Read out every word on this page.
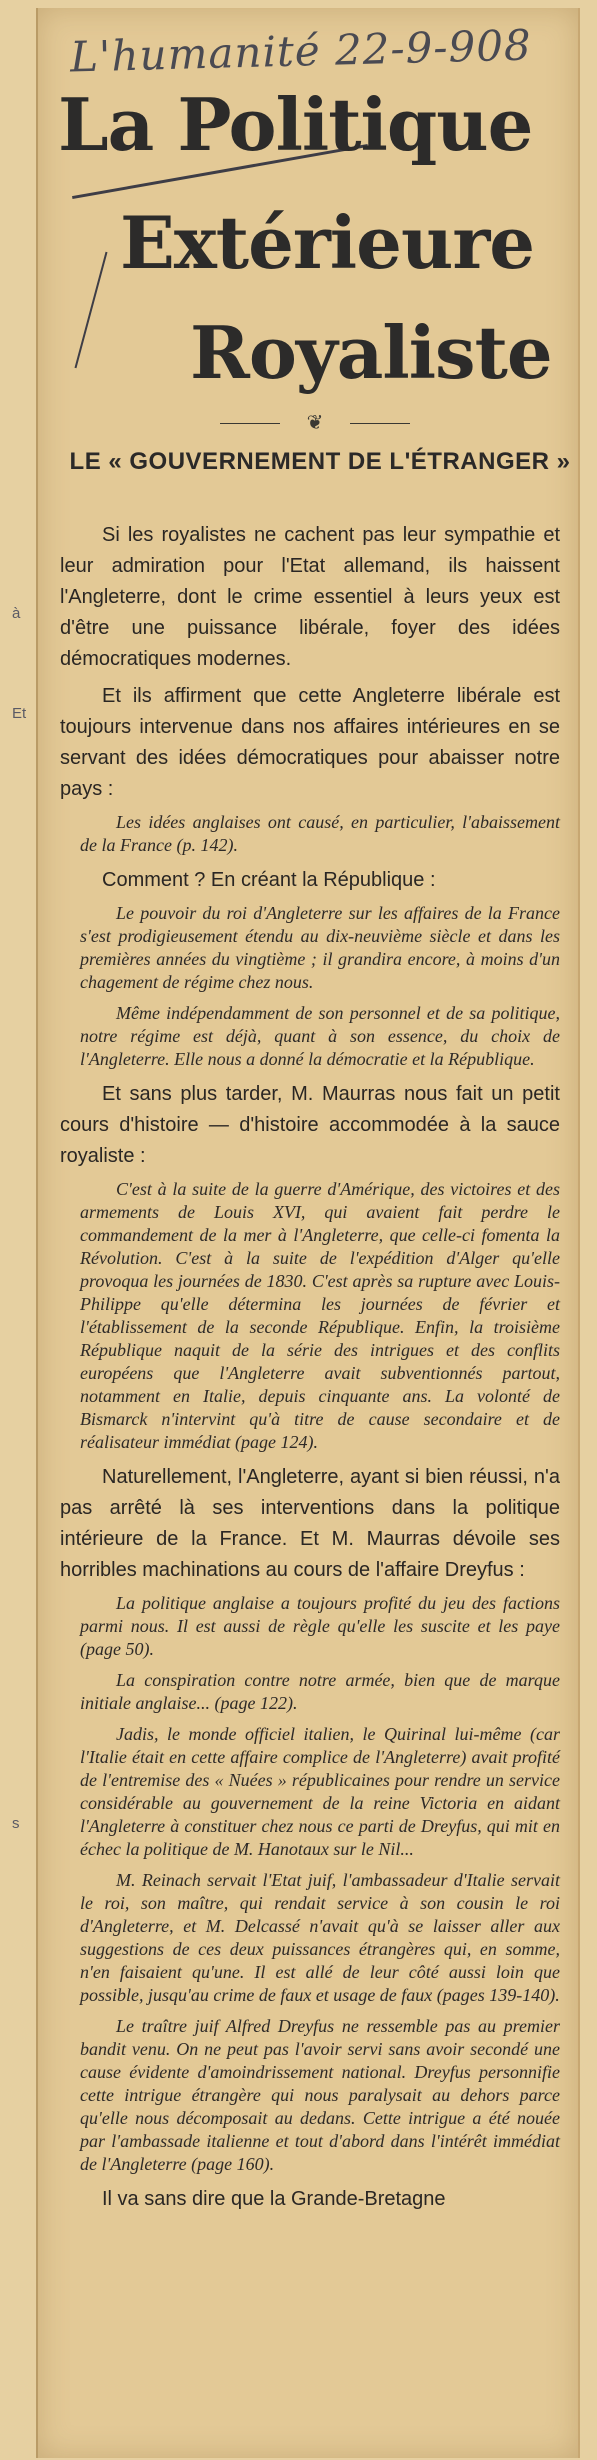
L'humanité 22-9-908
La Politique
Extérieure
Royaliste
❦
LE « GOUVERNEMENT DE L'ÉTRANGER »
à
Et
s

Si les royalistes ne cachent pas leur sympathie et leur admiration pour l'Etat allemand, ils haissent l'Angleterre, dont le crime essentiel à leurs yeux est d'être une puissance libérale, foyer des idées démocratiques modernes.

Et ils affirment que cette Angleterre libérale est toujours intervenue dans nos affaires intérieures en se servant des idées démocratiques pour abaisser notre pays :

Les idées anglaises ont causé, en particulier, l'abaissement de la France (p. 142).

Comment ? En créant la République :

Le pouvoir du roi d'Angleterre sur les affaires de la France s'est prodigieusement étendu au dix-neuvième siècle et dans les premières années du vingtième ; il grandira encore, à moins d'un chagement de régime chez nous.

Même indépendamment de son personnel et de sa politique, notre régime est déjà, quant à son essence, du choix de l'Angleterre. Elle nous a donné la démocratie et la République.

Et sans plus tarder, M. Maurras nous fait un petit cours d'histoire — d'histoire accommodée à la sauce royaliste :

C'est à la suite de la guerre d'Amérique, des victoires et des armements de Louis XVI, qui avaient fait perdre le commandement de la mer à l'Angleterre, que celle-ci fomenta la Révolution. C'est à la suite de l'expédition d'Alger qu'elle provoqua les journées de 1830. C'est après sa rupture avec Louis-Philippe qu'elle détermina les journées de février et l'établissement de la seconde République. Enfin, la troisième République naquit de la série des intrigues et des conflits européens que l'Angleterre avait subventionnés partout, notamment en Italie, depuis cinquante ans. La volonté de Bismarck n'intervint qu'à titre de cause secondaire et de réalisateur immédiat (page 124).

Naturellement, l'Angleterre, ayant si bien réussi, n'a pas arrêté là ses interventions dans la politique intérieure de la France. Et M. Maurras dévoile ses horribles machinations au cours de l'affaire Dreyfus :

La politique anglaise a toujours profité du jeu des factions parmi nous. Il est aussi de règle qu'elle les suscite et les paye (page 50).

La conspiration contre notre armée, bien que de marque initiale anglaise... (page 122).

Jadis, le monde officiel italien, le Quirinal lui-même (car l'Italie était en cette affaire complice de l'Angleterre) avait profité de l'entremise des « Nuées » républicaines pour rendre un service considérable au gouvernement de la reine Victoria en aidant l'Angleterre à constituer chez nous ce parti de Dreyfus, qui mit en échec la politique de M. Hanotaux sur le Nil...

M. Reinach servait l'Etat juif, l'ambassadeur d'Italie servait le roi, son maître, qui rendait service à son cousin le roi d'Angleterre, et M. Delcassé n'avait qu'à se laisser aller aux suggestions de ces deux puissances étrangères qui, en somme, n'en faisaient qu'une. Il est allé de leur côté aussi loin que possible, jusqu'au crime de faux et usage de faux (pages 139-140).

Le traître juif Alfred Dreyfus ne ressemble pas au premier bandit venu. On ne peut pas l'avoir servi sans avoir secondé une cause évidente d'amoindrissement national. Dreyfus personnifie cette intrigue étrangère qui nous paralysait au dehors parce qu'elle nous décomposait au dedans. Cette intrigue a été nouée par l'ambassade italienne et tout d'abord dans l'intérêt immédiat de l'Angleterre (page 160).

Il va sans dire que la Grande-Bretagne
